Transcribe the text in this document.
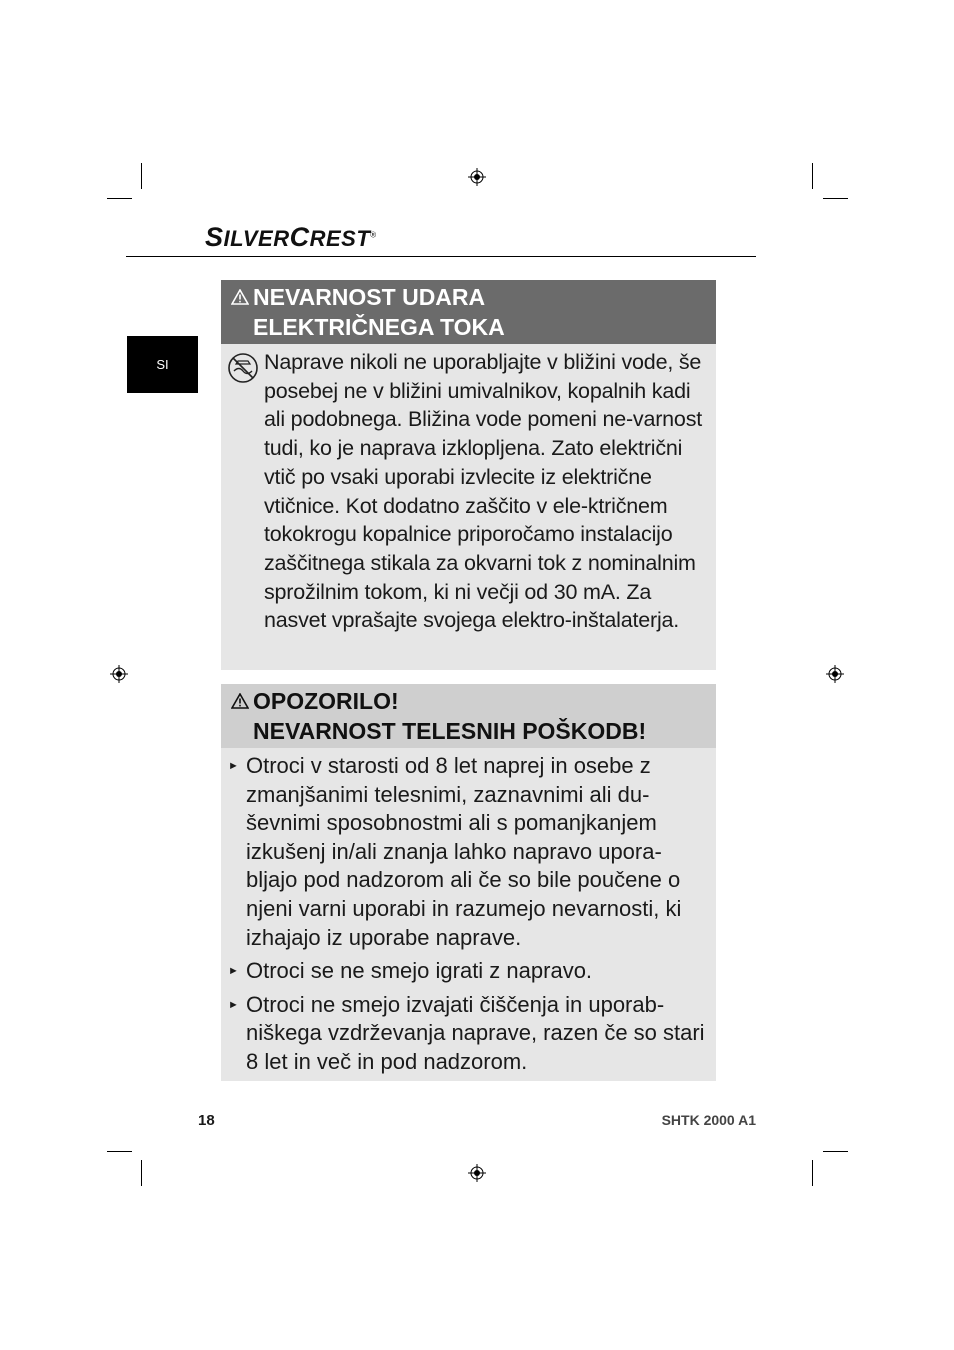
SILVERCREST®
SI
NEVARNOST UDARA
ELEKTRIČNEGA TOKA
Naprave nikoli ne uporabljajte v bližini vode, še posebej ne v bližini umivalnikov, kopalnih kadi ali podobnega. Bližina vode pomeni ne-varnost tudi, ko je naprava izklopljena. Zato električni vtič po vsaki uporabi izvlecite iz električne vtičnice. Kot dodatno zaščito v ele-ktričnem tokokrogu kopalnice priporočamo instalacijo zaščitnega stikala za okvarni tok z nominalnim sprožilnim tokom, ki ni večji od 30 mA. Za nasvet vprašajte svojega elektro-inštalaterja.
OPOZORILO!
NEVARNOST TELESNIH POŠKODB!
► Otroci v starosti od 8 let naprej in osebe z zmanjšanimi telesnimi, zaznavnimi ali du-ševnimi sposobnostmi ali s pomanjkanjem izkušenj in/ali znanja lahko napravo upora-bljajo pod nadzorom ali če so bile poučene o njeni varni uporabi in razumejo nevarnosti, ki izhajajo iz uporabe naprave.
► Otroci se ne smejo igrati z napravo.
► Otroci ne smejo izvajati čiščenja in uporab-niškega vzdrževanja naprave, razen če so stari 8 let in več in pod nadzorom.
18	SHTK 2000 A1
